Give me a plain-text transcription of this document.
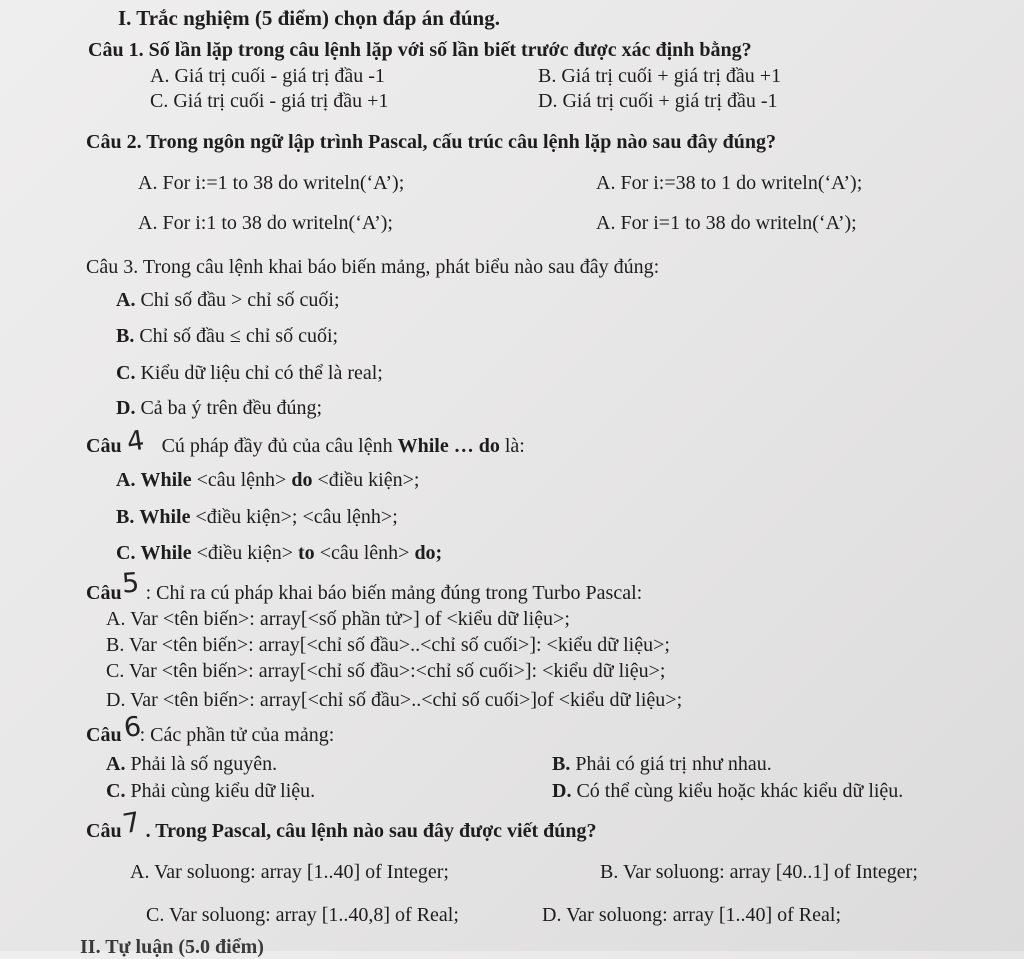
I. Trắc nghiệm (5 điểm) chọn đáp án đúng.
Câu 1. Số lần lặp trong câu lệnh lặp với số lần biết trước được xác định bằng?
A. Giá trị cuối - giá trị đầu -1	B. Giá trị cuối + giá trị đầu +1
C. Giá trị cuối - giá trị đầu +1	D. Giá trị cuối + giá trị đầu -1
Câu 2. Trong ngôn ngữ lập trình Pascal, cấu trúc câu lệnh lặp nào sau đây đúng?
A. For i:=1 to 38 do writeln(‘A’);	A. For i:=38 to 1 do writeln(‘A’);
A. For i:1 to 38 do writeln(‘A’);	A. For i=1 to 38 do writeln(‘A’);
Câu 3. Trong câu lệnh khai báo biến mảng, phát biểu nào sau đây đúng:
A. Chỉ số đầu > chỉ số cuối;
B. Chỉ số đầu ≤ chỉ số cuối;
C. Kiểu dữ liệu chỉ có thể là real;
D. Cả ba ý trên đều đúng;
Câu Cú pháp đầy đủ của câu lệnh While … do là:
4
A. While <câu lệnh> do <điều kiện>;
B. While <điều kiện>; <câu lệnh>;
C. While <điều kiện> to <câu lênh> do;
Câu : Chỉ ra cú pháp khai báo biến mảng đúng trong Turbo Pascal:
5
A. Var <tên biến>: array[<số phần tử>] of <kiểu dữ liệu>;
B. Var <tên biến>: array[<chỉ số đầu>..<chỉ số cuối>]: <kiểu dữ liệu>;
C. Var <tên biến>: array[<chỉ số đầu>:<chỉ số cuối>]: <kiểu dữ liệu>;
D. Var <tên biến>: array[<chỉ số đầu>..<chỉ số cuối>]of <kiểu dữ liệu>;
Câu : Các phần tử của mảng:
6
A. Phải là số nguyên.	B. Phải có giá trị như nhau.
C. Phải cùng kiểu dữ liệu.	D. Có thể cùng kiểu hoặc khác kiểu dữ liệu.
Câu . Trong Pascal, câu lệnh nào sau đây được viết đúng?
7
A. Var soluong: array [1..40] of Integer;	B. Var soluong: array [40..1] of Integer;
C. Var soluong: array [1..40,8] of Real;	D. Var soluong: array [1..40] of Real;
II. Tự luận (5.0 điểm)
